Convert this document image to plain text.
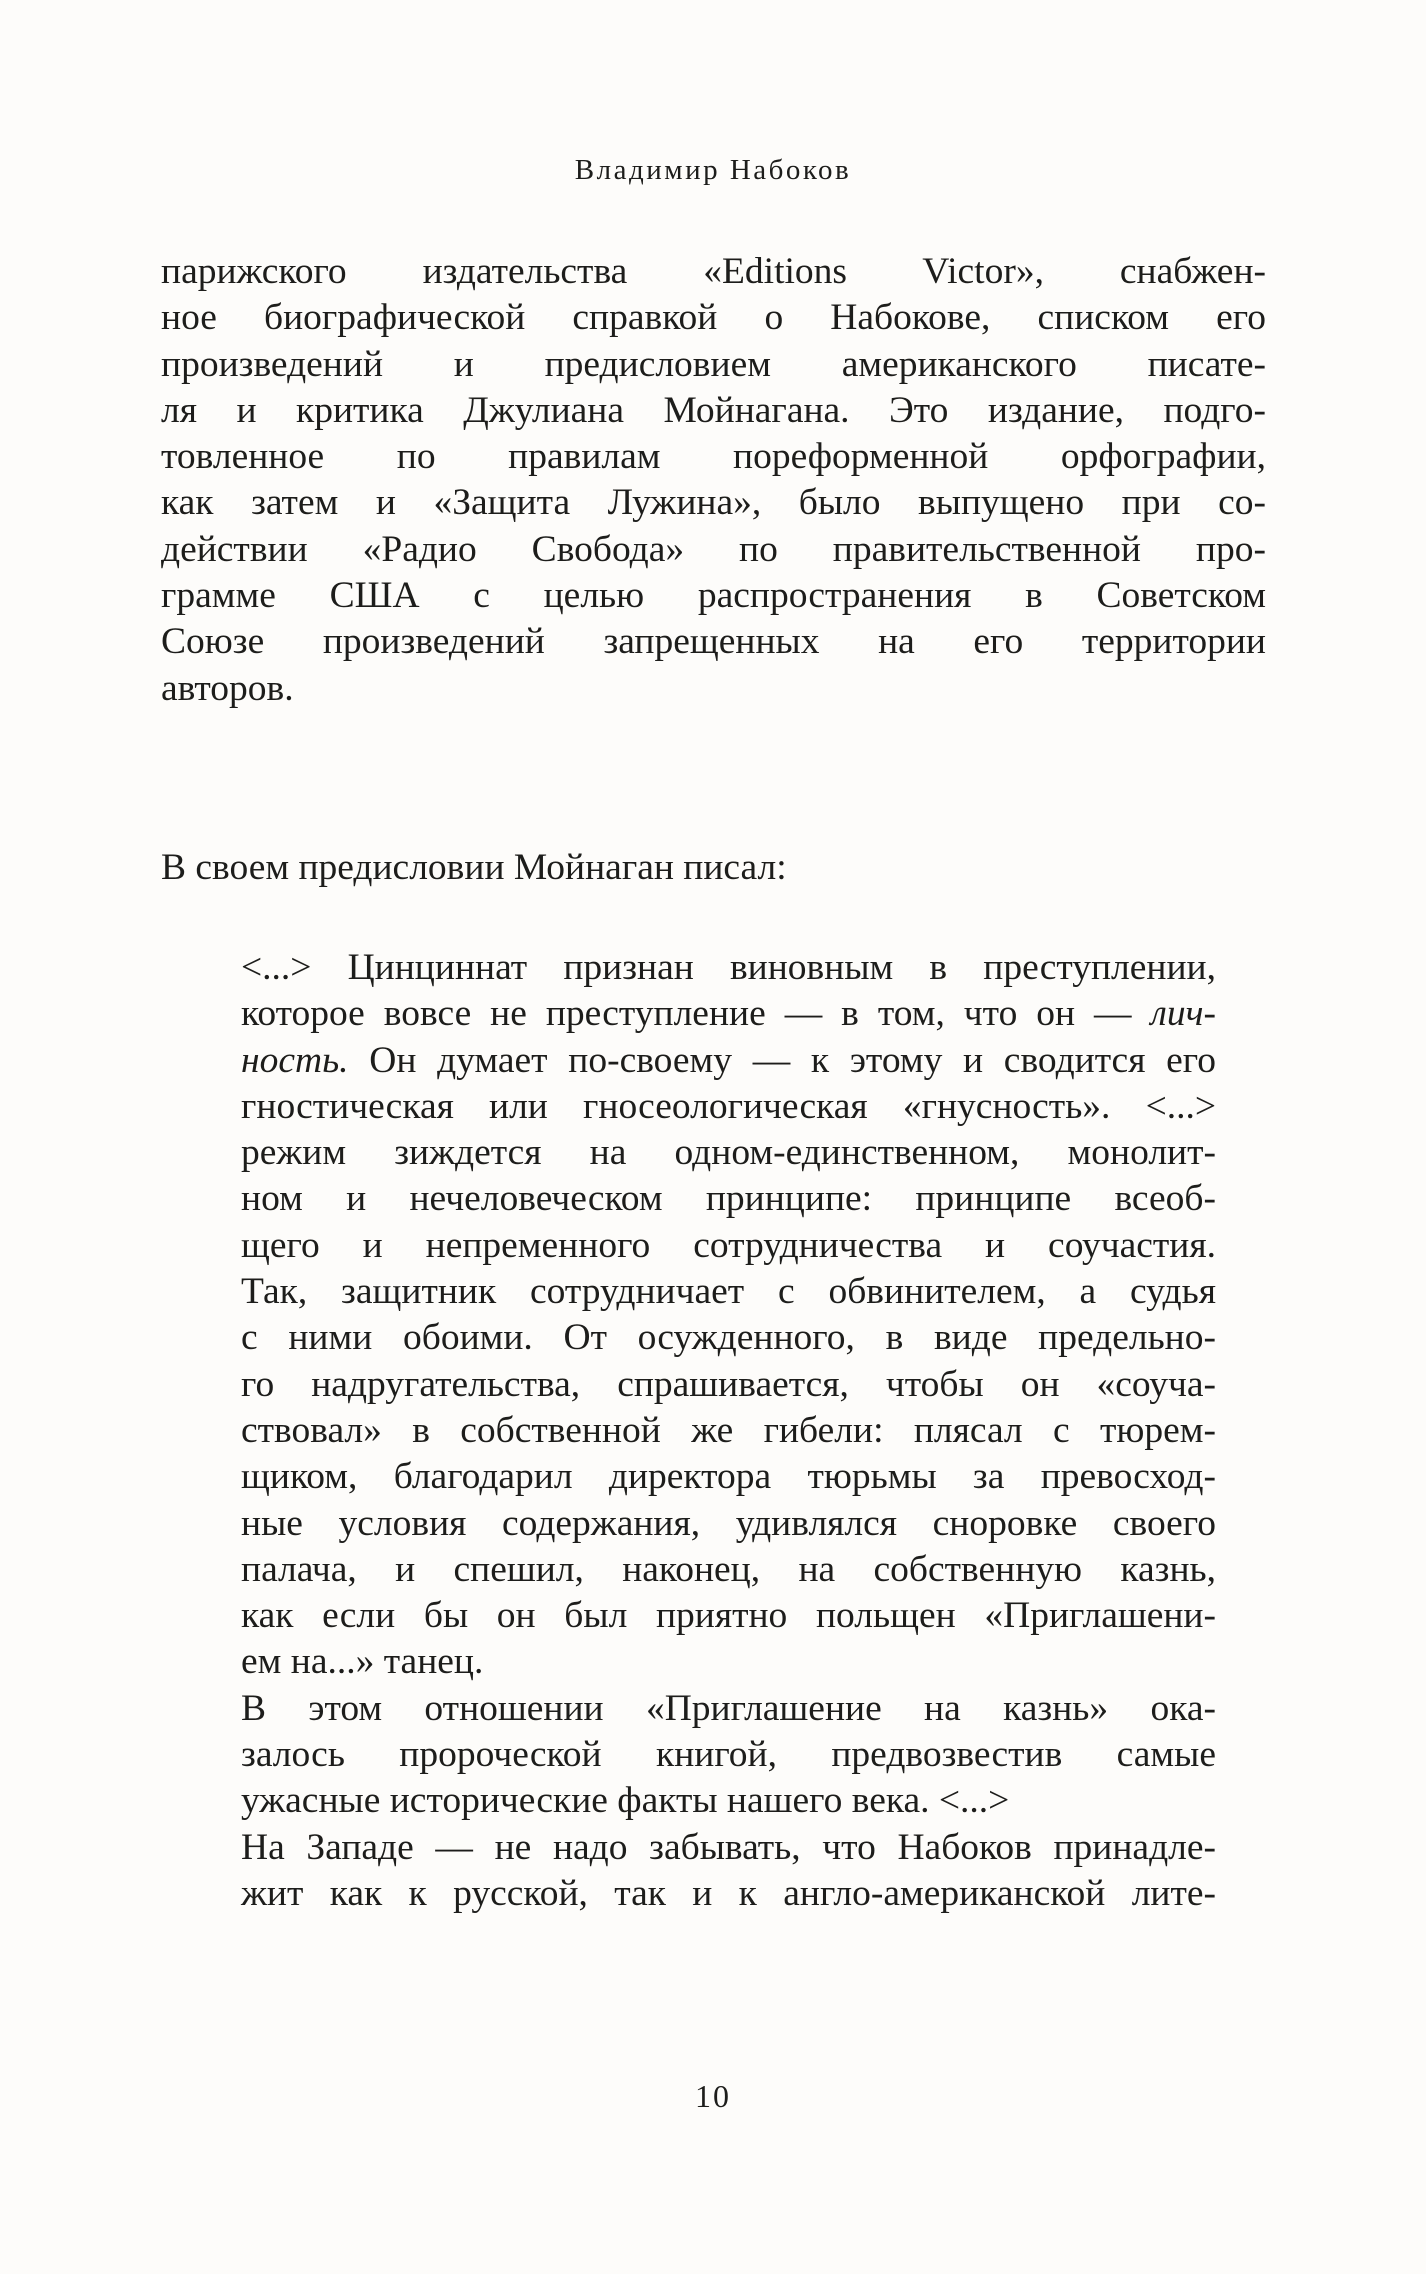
Владимир Набоков
парижского издательства «Editions Victor», снабжен-
ное биографической справкой о Набокове, списком его
произведений и предисловием американского писате-
ля и критика Джулиана Мойнагана. Это издание, подго-
товленное по правилам пореформенной орфографии,
как затем и «Защита Лужина», было выпущено при со-
действии «Радио Свобода» по правительственной про-
грамме США с целью распространения в Советском
Союзе произведений запрещенных на его территории
авторов.
В своем предисловии Мойнаган писал:
<...> Цинциннат признан виновным в преступлении,
которое вовсе не преступление — в том, что он — лич-
ность. Он думает по-своему — к этому и сводится его
гностическая или гносеологическая «гнусность». <...>
режим зиждется на одном-единственном, монолит-
ном и нечеловеческом принципе: принципе всеоб-
щего и непременного сотрудничества и соучастия.
Так, защитник сотрудничает с обвинителем, а судья
с ними обоими. От осужденного, в виде предельно-
го надругательства, спрашивается, чтобы он «соуча-
ствовал» в собственной же гибели: плясал с тюрем-
щиком, благодарил директора тюрьмы за превосход-
ные условия содержания, удивлялся сноровке своего
палача, и спешил, наконец, на собственную казнь,
как если бы он был приятно польщен «Приглашени-
ем на...» танец.
В этом отношении «Приглашение на казнь» ока-
залось пророческой книгой, предвозвестив самые
ужасные исторические факты нашего века. <...>
На Западе — не надо забывать, что Набоков принадле-
жит как к русской, так и к англо-американской лите-
10
